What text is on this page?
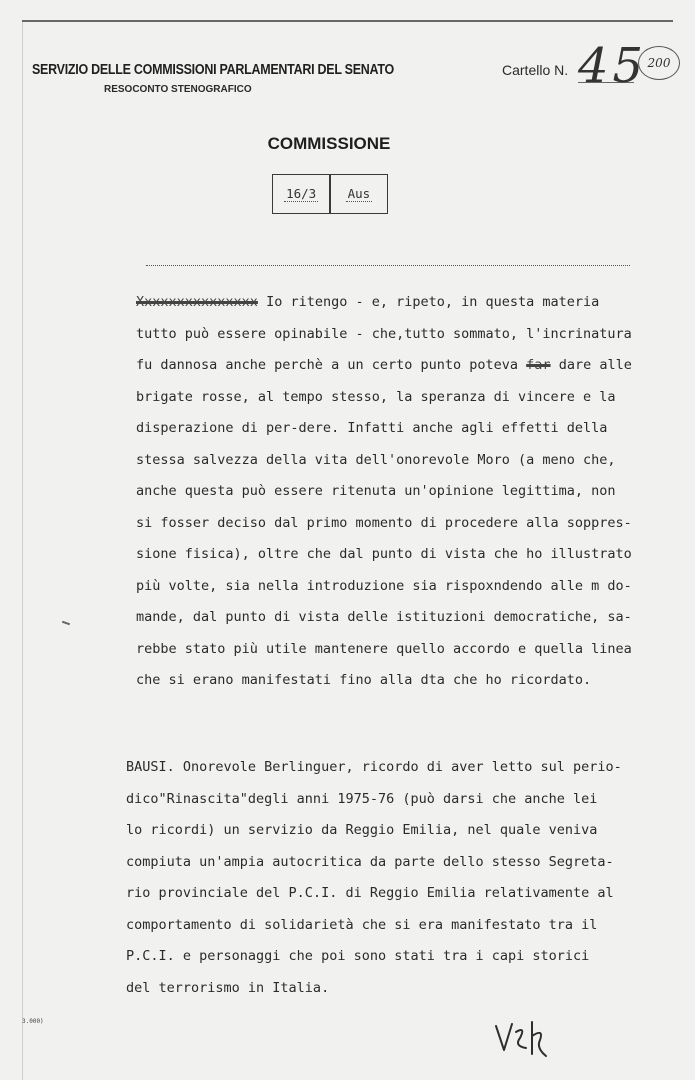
SERVIZIO DELLE COMMISSIONI PARLAMENTARI DEL SENATO
RESOCONTO STENOGRAFICO
Cartello N. 45 200
COMMISSIONE
16/3	Aus
Xxxxxxxxxxxxxxx Io ritengo - e, ripeto, in questa materia
tutto può essere opinabile - che,tutto sommato, l'incrinatura
fu dannosa anche perchè a un certo punto poteva far dare alle
brigate rosse, al tempo stesso, la speranza di vincere e la
disperazione di per-dere. Infatti anche agli effetti della
stessa salvezza della vita dell'onorevole Moro (a meno che,
anche questa può essere ritenuta un'opinione legittima, non
si fosser deciso dal primo momento di procedere alla soppres-
sione fisica), oltre che dal punto di vista che ho illustrato
più volte, sia nella introduzione sia rispoxndendo alle m do-
mande, dal punto di vista delle istituzioni democratiche, sa-
rebbe stato più utile mantenere quello accordo e quella linea
che si erano manifestati fino alla dta che ho ricordato.
BAUSI. Onorevole Berlinguer, ricordo di aver letto sul perio-
dico"Rinascita"degli anni 1975-76 (può darsi che anche lei
lo ricordi) un servizio da Reggio Emilia, nel quale veniva
compiuta un'ampia autocritica da parte dello stesso Segreta-
rio provinciale del P.C.I. di Reggio Emilia relativamente al
comportamento di solidarietà che si era manifestato tra il
P.C.I. e personaggi che poi sono stati tra i capi storici
del terrorismo in Italia.
3.000)
